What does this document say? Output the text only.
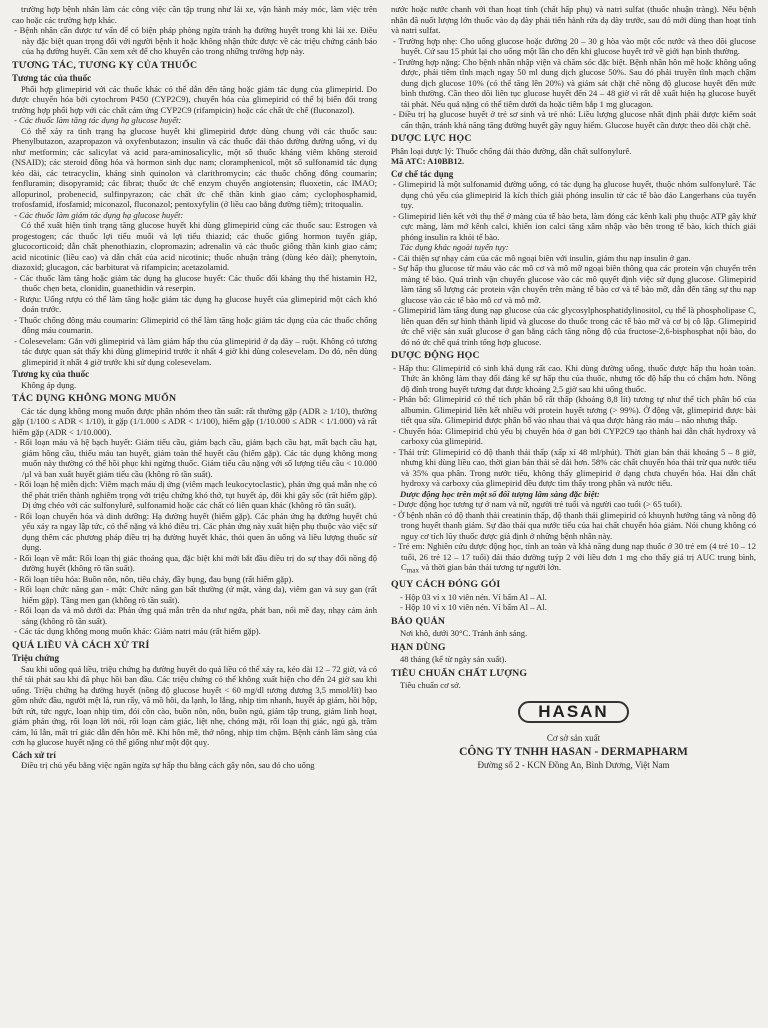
trường hợp bệnh nhân làm các công việc cần tập trung như lái xe, vận hành máy móc, làm việc trên cao hoặc các trường hợp khác.

- Bệnh nhân cần được tư vấn để có biện pháp phòng ngừa tránh hạ đường huyết trong khi lái xe. Điều này đặc biệt quan trọng đối với người bệnh ít hoặc không nhận thức được về các triệu chứng cảnh báo của hạ đường huyết. Cần xem xét để cho khuyến cáo trong những trường hợp này.

TƯƠNG TÁC, TƯƠNG KỴ CỦA THUỐC
Tương tác của thuốc

Phối hợp glimepirid với các thuốc khác có thể dẫn đến tăng hoặc giảm tác dụng của glimepirid. Do được chuyển hóa bởi cytochrom P450 (CYP2C9), chuyển hóa của glimepirid có thể bị biến đổi trong trường hợp phối hợp với các chất cảm ứng CYP2C9 (rifampicin) hoặc các chất ức chế (fluconazol).

- Các thuốc làm tăng tác dụng hạ glucose huyết:

Có thể xảy ra tình trạng hạ glucose huyết khi glimepirid được dùng chung với các thuốc sau: Phenylbutazon, azapropazon và oxyfenbutazon; insulin và các thuốc đái tháo đường đường uống, ví dụ như metformin; các salicylat và acid para-aminosalicylic, một số thuốc kháng viêm không steroid (NSAID); các steroid đồng hóa và hormon sinh dục nam; cloramphenicol, một số sulfonamid tác dụng kéo dài, các tetracyclin, kháng sinh quinolon và clarithromycin; các thuốc chống đông coumarin; fenfluramin; disopyramid; các fibrat; thuốc ức chế enzym chuyển angiotensin; fluoxetin, các IMAO; allopurinol, probenecid, sulfinpyrazon; các chất ức chế thần kinh giao cảm; cyclophosphamid, trofosfamid, ifosfamid; miconazol, fluconazol; pentoxyfylin (ở liều cao bằng đường tiêm); tritoqualin.

- Các thuốc làm giảm tác dụng hạ glucose huyết:

Có thể xuất hiện tình trạng tăng glucose huyết khi dùng glimepirid cùng các thuốc sau: Estrogen và progestogen; các thuốc lợi tiểu muối và lợi tiểu thiazid; các thuốc giống hormon tuyến giáp, glucocorticoid; dẫn chất phenothiazin, clopromazin; adrenalin và các thuốc giống thần kinh giao cảm; acid nicotinic (liều cao) và dẫn chất của acid nicotinic; thuốc nhuận tràng (dùng kéo dài); phenytoin, diazoxid; glucagon, các barbiturat và rifampicin; acetazolamid.

- Các thuốc làm tăng hoặc giảm tác dụng hạ glucose huyết: Các thuốc đối kháng thụ thể histamin H2, thuốc chẹn beta, clonidin, guanethidin và reserpin.

- Rượu: Uống rượu có thể làm tăng hoặc giảm tác dụng hạ glucose huyết của glimepirid một cách khó đoán trước.

- Thuốc chống đông máu coumarin: Glimepirid có thể làm tăng hoặc giảm tác dụng của các thuốc chống đông máu coumarin.

- Colesevelam: Gắn với glimepirid và làm giảm hấp thu của glimepirid ở dạ dày – ruột. Không có tương tác được quan sát thấy khi dùng glimepirid trước ít nhất 4 giờ khi dùng colesevelam. Do đó, nên dùng glimepirid ít nhất 4 giờ trước khi sử dụng colesevelam.

Tương kỵ của thuốc

Không áp dụng.

TÁC DỤNG KHÔNG MONG MUỐN

Các tác dụng không mong muốn được phân nhóm theo tần suất: rất thường gặp (ADR ≥ 1/10), thường gặp (1/100 ≤ ADR < 1/10), ít gặp (1/1.000 ≤ ADR < 1/100), hiếm gặp (1/10.000 ≤ ADR < 1/1.000) và rất hiếm gặp (ADR < 1/10.000).

- Rối loạn máu và hệ bạch huyết: Giảm tiểu cầu, giảm bạch cầu, giảm bạch cầu hạt, mất bạch cầu hạt, giảm hồng cầu, thiếu máu tan huyết, giảm toàn thể huyết cầu (hiếm gặp). Các tác dụng không mong muốn này thường có thể hồi phục khi ngừng thuốc. Giảm tiểu cầu nặng với số lượng tiểu cầu < 10.000 /µl và ban xuất huyết giảm tiểu cầu (không rõ tần suất).

- Rối loạn hệ miễn dịch: Viêm mạch máu dị ứng (viêm mạch leukocytoclastic), phản ứng quá mẫn nhẹ có thể phát triển thành nghiêm trọng với triệu chứng khó thở, tụt huyết áp, đôi khi gây sốc (rất hiếm gặp). Dị ứng chéo với các sulfonylurê, sulfonamid hoặc các chất có liên quan khác (không rõ tần suất).

- Rối loạn chuyển hóa và dinh dưỡng: Hạ đường huyết (hiếm gặp). Các phản ứng hạ đường huyết chủ yếu xảy ra ngay lập tức, có thể nặng và khó điều trị. Các phản ứng này xuất hiện phụ thuộc vào việc sử dụng thêm các phương pháp điều trị hạ đường huyết khác, thói quen ăn uống và liều lượng thuốc sử dụng.

- Rối loạn về mắt: Rối loạn thị giác thoáng qua, đặc biệt khi mới bắt đầu điều trị do sự thay đổi nồng độ đường huyết (không rõ tần suất).

- Rối loạn tiêu hóa: Buồn nôn, nôn, tiêu chảy, đầy bụng, đau bụng (rất hiếm gặp).

- Rối loạn chức năng gan - mật: Chức năng gan bất thường (ứ mật, vàng da), viêm gan và suy gan (rất hiếm gặp). Tăng men gan (không rõ tần suất).

- Rối loạn da và mô dưới da: Phản ứng quá mẫn trên da như ngứa, phát ban, nổi mề đay, nhạy cảm ánh sáng (không rõ tần suất).

- Các tác dụng không mong muốn khác: Giảm natri máu (rất hiếm gặp).

QUÁ LIỀU VÀ CÁCH XỬ TRÍ
Triệu chứng

Sau khi uống quá liều, triệu chứng hạ đường huyết do quá liều có thể xảy ra, kéo dài 12 – 72 giờ, và có thể tái phát sau khi đã phục hồi ban đầu. Các triệu chứng có thể không xuất hiện cho đến 24 giờ sau khi uống. Triệu chứng hạ đường huyết (nồng độ glucose huyết < 60 mg/dl tương đương 3,5 mmol/lít) bao gồm nhức đầu, người mệt lả, run rẩy, vã mồ hôi, da lạnh, lo lắng, nhịp tim nhanh, huyết áp giảm, hồi hộp, bứt rứt, tức ngực, loạn nhịp tim, đói cồn cào, buồn nôn, nôn, buồn ngủ, giảm tập trung, giảm linh hoạt, giảm phản ứng, rối loạn lời nói, rối loạn cảm giác, liệt nhẹ, chóng mặt, rối loạn thị giác, ngủ gà, trầm cảm, lú lẫn, mất trí giác dẫn đến hôn mê. Khi hôn mê, thở nông, nhịp tim chậm. Bệnh cảnh lâm sàng của cơn hạ glucose huyết nặng có thể giống như một đột quỵ.

Cách xử trí

Điều trị chủ yếu bằng việc ngăn ngừa sự hấp thu bằng cách gây nôn, sau đó cho uống

nước hoặc nước chanh với than hoạt tính (chất hấp phụ) và natri sulfat (thuốc nhuận tràng). Nếu bệnh nhân đã nuốt lượng lớn thuốc vào dạ dày phải tiến hành rửa dạ dày trước, sau đó mới dùng than hoạt tính và natri sulfat.

- Trường hợp nhẹ: Cho uống glucose hoặc đường 20 – 30 g hòa vào một cốc nước và theo dõi glucose huyết. Cứ sau 15 phút lại cho uống một lần cho đến khi glucose huyết trở về giới hạn bình thường.

- Trường hợp nặng: Cho bệnh nhân nhập viện và chăm sóc đặc biệt. Bệnh nhân hôn mê hoặc không uống được, phải tiêm tĩnh mạch ngay 50 ml dung dịch glucose 50%. Sau đó phải truyền tĩnh mạch chậm dung dịch glucose 10% (có thể tăng lên 20%) và giám sát chặt chẽ nồng độ glucose huyết đến mức bình thường. Cần theo dõi liên tục glucose huyết đến 24 – 48 giờ vì rất dễ xuất hiện hạ glucose huyết tái phát. Nếu quá nặng có thể tiêm dưới da hoặc tiêm bắp 1 mg glucagon.

- Điều trị hạ glucose huyết ở trẻ sơ sinh và trẻ nhỏ: Liều lượng glucose nhất định phải được kiểm soát cẩn thận, tránh khả năng tăng đường huyết gây nguy hiểm. Glucose huyết cần được theo dõi chặt chẽ.

DƯỢC LỰC HỌC

Phân loại dược lý: Thuốc chống đái tháo đường, dẫn chất sulfonylurê.

Mã ATC: A10BB12.

Cơ chế tác dụng

- Glimepirid là một sulfonamid đường uống, có tác dụng hạ glucose huyết, thuộc nhóm sulfonylurê. Tác dụng chủ yếu của glimepirid là kích thích giải phóng insulin từ các tế bào đảo Langerhans của tuyến tụy.

- Glimepirid liên kết với thụ thể ở màng của tế bào beta, làm đóng các kênh kali phụ thuộc ATP gây khử cực màng, làm mở kênh calci, khiến ion calci tăng xâm nhập vào bên trong tế bào, kích thích giải phóng insulin ra khỏi tế bào.

Tác dụng khác ngoài tuyến tụy:

- Cải thiện sự nhạy cảm của các mô ngoại biên với insulin, giảm thu nạp insulin ở gan.

- Sự hấp thu glucose từ máu vào các mô cơ và mô mỡ ngoại biên thông qua các protein vận chuyển trên màng tế bào. Quá trình vận chuyển glucose vào các mô quyết định việc sử dụng glucose. Glimepirid làm tăng số lượng các protein vận chuyển trên màng tế bào cơ và tế bào mỡ, dẫn đến tăng sự thu nạp glucose vào các tế bào mô cơ và mô mỡ.

- Glimepirid làm tăng dung nạp glucose của các glycosylphosphatidylinositol, cụ thể là phospholipase C, liên quan đến sự hình thành lipid và glucose do thuốc trong các tế bào mỡ và cơ bị cô lập. Glimepirid ức chế việc sản xuất glucose ở gan bằng cách tăng nồng độ của fructose-2,6-bisphosphat nội bào, do đó nó ức chế quá trình tổng hợp glucose.

DƯỢC ĐỘNG HỌC

- Hấp thu: Glimepirid có sinh khả dụng rất cao. Khi dùng đường uống, thuốc được hấp thu hoàn toàn. Thức ăn không làm thay đổi đáng kể sự hấp thu của thuốc, nhưng tốc độ hấp thu có chậm hơn. Nồng độ đỉnh trong huyết tương đạt được khoảng 2,5 giờ sau khi uống thuốc.

- Phân bố: Glimepirid có thể tích phân bố rất thấp (khoảng 8,8 lít) tương tự như thể tích phân bố của albumin. Glimepirid liên kết nhiều với protein huyết tương (> 99%). Ở động vật, glimepirid được bài tiết qua sữa. Glimepirid được phân bố vào nhau thai và qua được hàng rào máu – não nhưng thấp.

- Chuyển hóa: Glimepirid chủ yếu bị chuyển hóa ở gan bởi CYP2C9 tạo thành hai dẫn chất hydroxy và carboxy của glimepirid.

- Thải trừ: Glimepirid có độ thanh thải thấp (xấp xỉ 48 ml/phút). Thời gian bán thải khoảng 5 – 8 giờ, nhưng khi dùng liều cao, thời gian bán thải sẽ dài hơn. 58% các chất chuyển hóa thải trừ qua nước tiểu và 35% qua phân. Trong nước tiểu, không thấy glimepirid ở dạng chưa chuyển hóa. Hai dẫn chất hydroxy và carboxy của glimepirid đều được tìm thấy trong phân và nước tiểu.

Dược động học trên một số đối tượng lâm sàng đặc biệt:

- Dược động học tương tự ở nam và nữ, người trẻ tuổi và người cao tuổi (> 65 tuổi).

- Ở bệnh nhân có độ thanh thải creatinin thấp, độ thanh thải glimepirid có khuynh hướng tăng và nồng độ trong huyết thanh giảm. Sự đào thải qua nước tiểu của hai chất chuyển hóa giảm. Nói chung không có nguy cơ tích lũy thuốc được giả định ở những bệnh nhân này.

- Trẻ em: Nghiên cứu dược động học, tính an toàn và khả năng dung nạp thuốc ở 30 trẻ em (4 trẻ 10 – 12 tuổi, 26 trẻ 12 – 17 tuổi) đái tháo đường tuýp 2 với liều đơn 1 mg cho thấy giá trị AUC trung bình, $C_{max}$ và thời gian bán thải tương tự người lớn.

QUY CÁCH ĐÓNG GÓI

- Hộp 03 vỉ x 10 viên nén. Vỉ bấm Al – Al.

- Hộp 10 vỉ x 10 viên nén. Vỉ bấm Al – Al.

BẢO QUẢN

Nơi khô, dưới 30°C. Tránh ánh sáng.

HẠN DÙNG

48 tháng (kể từ ngày sản xuất).

TIÊU CHUẨN CHẤT LƯỢNG

Tiêu chuẩn cơ sở.

HASAN
Cơ sở sản xuất
CÔNG TY TNHH HASAN - DERMAPHARM
Đường số 2 - KCN Đồng An, Bình Dương, Việt Nam
